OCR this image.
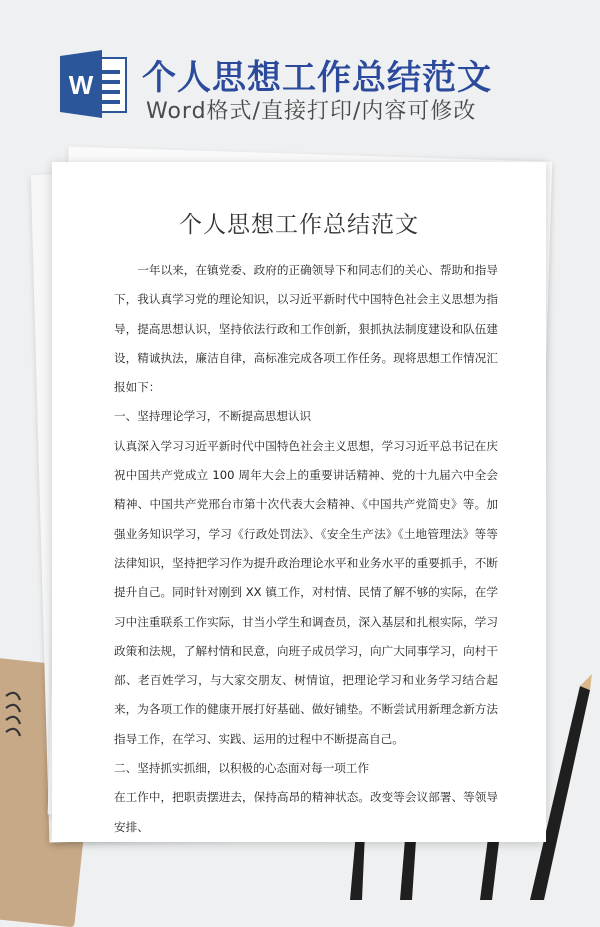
W 个人思想工作总结范文
Word格式/直接打印/内容可修改
个人思想工作总结范文

一年以来，在镇党委、政府的正确领导下和同志们的关心、帮助和指导下，我认真学习党的理论知识，以习近平新时代中国特色社会主义思想为指导，提高思想认识，坚持依法行政和工作创新，狠抓执法制度建设和队伍建设，精诚执法，廉洁自律，高标准完成各项工作任务。现将思想工作情况汇报如下：

一、坚持理论学习，不断提高思想认识

认真深入学习习近平新时代中国特色社会主义思想，学习习近平总书记在庆祝中国共产党成立 100 周年大会上的重要讲话精神、党的十九届六中全会精神、中国共产党邢台市第十次代表大会精神、《中国共产党简史》等。加强业务知识学习，学习《行政处罚法》、《安全生产法》《土地管理法》等等法律知识，坚持把学习作为提升政治理论水平和业务水平的重要抓手，不断提升自己。同时针对刚到 XX 镇工作，对村情、民情了解不够的实际，在学习中注重联系工作实际，甘当小学生和调查员，深入基层和扎根实际，学习政策和法规，了解村情和民意，向班子成员学习，向广大同事学习，向村干部、老百姓学习，与大家交朋友、树情谊，把理论学习和业务学习结合起来，为各项工作的健康开展打好基础、做好铺垫。不断尝试用新理念新方法指导工作，在学习、实践、运用的过程中不断提高自己。

二、坚持抓实抓细，以积极的心态面对每一项工作

在工作中，把职责摆进去，保持高昂的精神状态。改变等会议部署、等领导安排、
